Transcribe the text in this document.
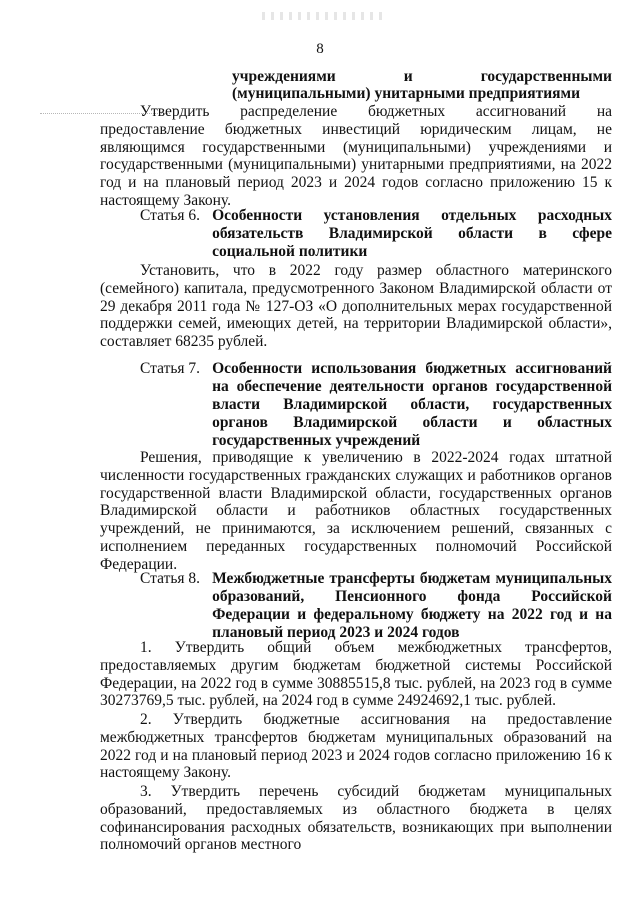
8
учреждениями и государственными (муниципальными) унитарными предприятиями

Утвердить распределение бюджетных ассигнований на предоставление бюджетных инвестиций юридическим лицам, не являющимся государственными (муниципальными) учреждениями и государственными (муниципальными) унитарными предприятиями, на 2022 год и на плановый период 2023 и 2024 годов согласно приложению 15 к настоящему Закону.

Статья 6. Особенности установления отдельных расходных обязательств Владимирской области в сфере социальной политики

Установить, что в 2022 году размер областного материнского (семейного) капитала, предусмотренного Законом Владимирской области от 29 декабря 2011 года № 127-ОЗ «О дополнительных мерах государственной поддержки семей, имеющих детей, на территории Владимирской области», составляет 68235 рублей.

Статья 7. Особенности использования бюджетных ассигнований на обеспечение деятельности органов государственной власти Владимирской области, государственных органов Владимирской области и областных государственных учреждений

Решения, приводящие к увеличению в 2022-2024 годах штатной численности государственных гражданских служащих и работников органов государственной власти Владимирской области, государственных органов Владимирской области и работников областных государственных учреждений, не принимаются, за исключением решений, связанных с исполнением переданных государственных полномочий Российской Федерации.

Статья 8. Межбюджетные трансферты бюджетам муниципальных образований, Пенсионного фонда Российской Федерации и федеральному бюджету на 2022 год и на плановый период 2023 и 2024 годов

1. Утвердить общий объем межбюджетных трансфертов, предоставляемых другим бюджетам бюджетной системы Российской Федерации, на 2022 год в сумме 30885515,8 тыс. рублей, на 2023 год в сумме 30273769,5 тыс. рублей, на 2024 год в сумме 24924692,1 тыс. рублей.

2. Утвердить бюджетные ассигнования на предоставление межбюджетных трансфертов бюджетам муниципальных образований на 2022 год и на плановый период 2023 и 2024 годов согласно приложению 16 к настоящему Закону.

3. Утвердить перечень субсидий бюджетам муниципальных образований, предоставляемых из областного бюджета в целях софинансирования расходных обязательств, возникающих при выполнении полномочий органов местного
